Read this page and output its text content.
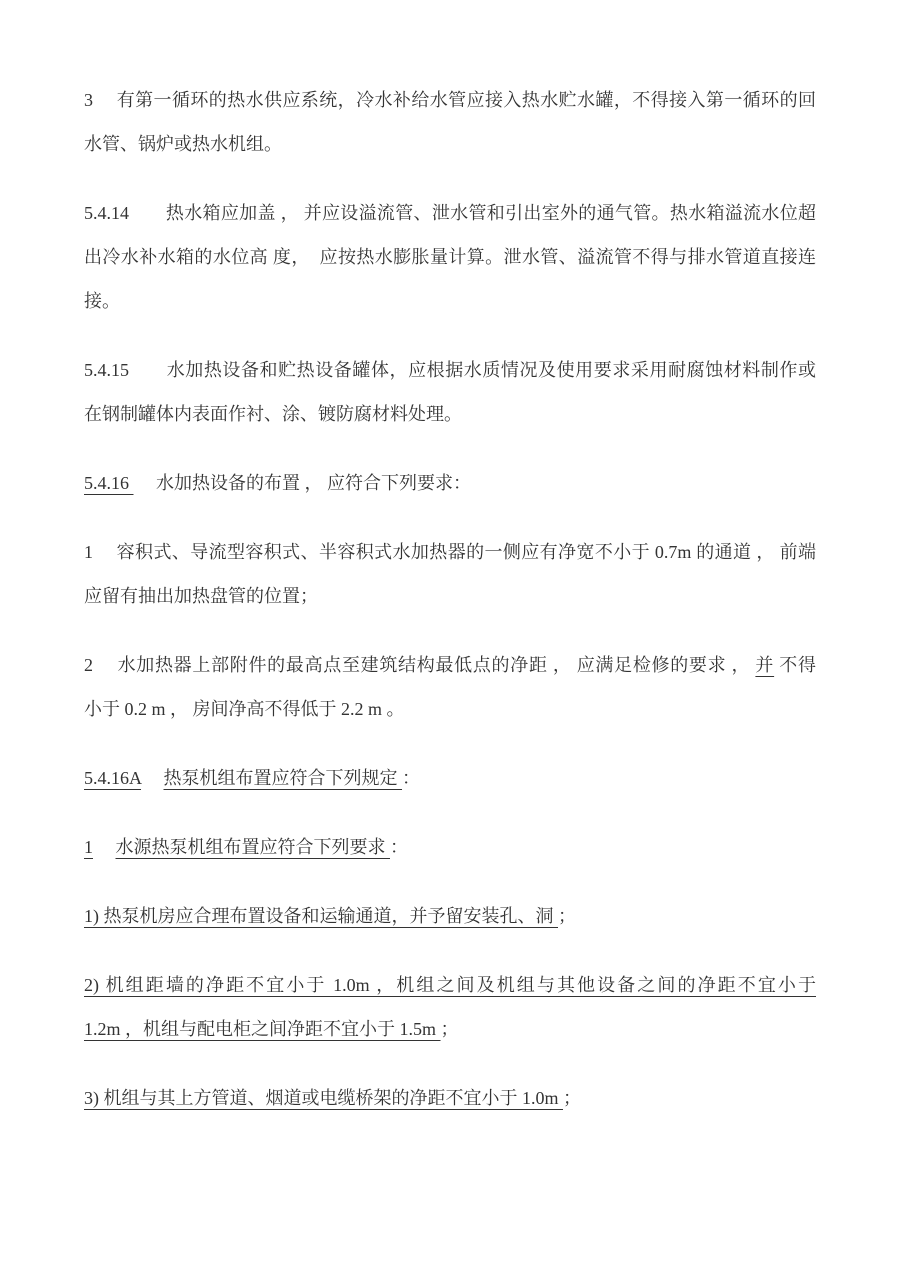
3　 有第一循环的热水供应系统，冷水补给水管应接入热水贮水罐，不得接入第一循环的回
水管、锅炉或热水机组。
5.4.14　　热水箱应加盖 ， 并应设溢流管、泄水管和引出室外的通气管。热水箱溢流水位超
出冷水补水箱的水位高 度，  应按热水膨胀量计算。泄水管、溢流管不得与排水管道直接连
接。
5.4.15　　水加热设备和贮热设备罐体，应根据水质情况及使用要求采用耐腐蚀材料制作或
在钢制罐体内表面作衬、涂、镀防腐材料处理。
5.4.16 　 水加热设备的布置 ， 应符合下列要求：
1　 容积式、导流型容积式、半容积式水加热器的一侧应有净宽不小于 0.7m 的通道 ， 前端
应留有抽出加热盘管的位置；
2　 水加热器上部附件的最高点至建筑结构最低点的净距 ， 应满足检修的要求 ， 并 不得
小于 0.2 m ， 房间净高不得低于 2.2 m 。
5.4.16A　 热泵机组布置应符合下列规定 ：
1　 水源热泵机组布置应符合下列要求 ：
1) 热泵机房应合理布置设备和运输通道，并予留安装孔、洞 ；
2) 机组距墙的净距不宜小于 1.0m ，机组之间及机组与其他设备之间的净距不宜小于
1.2m ，机组与配电柜之间净距不宜小于 1.5m ；
3) 机组与其上方管道、烟道或电缆桥架的净距不宜小于 1.0m ；
